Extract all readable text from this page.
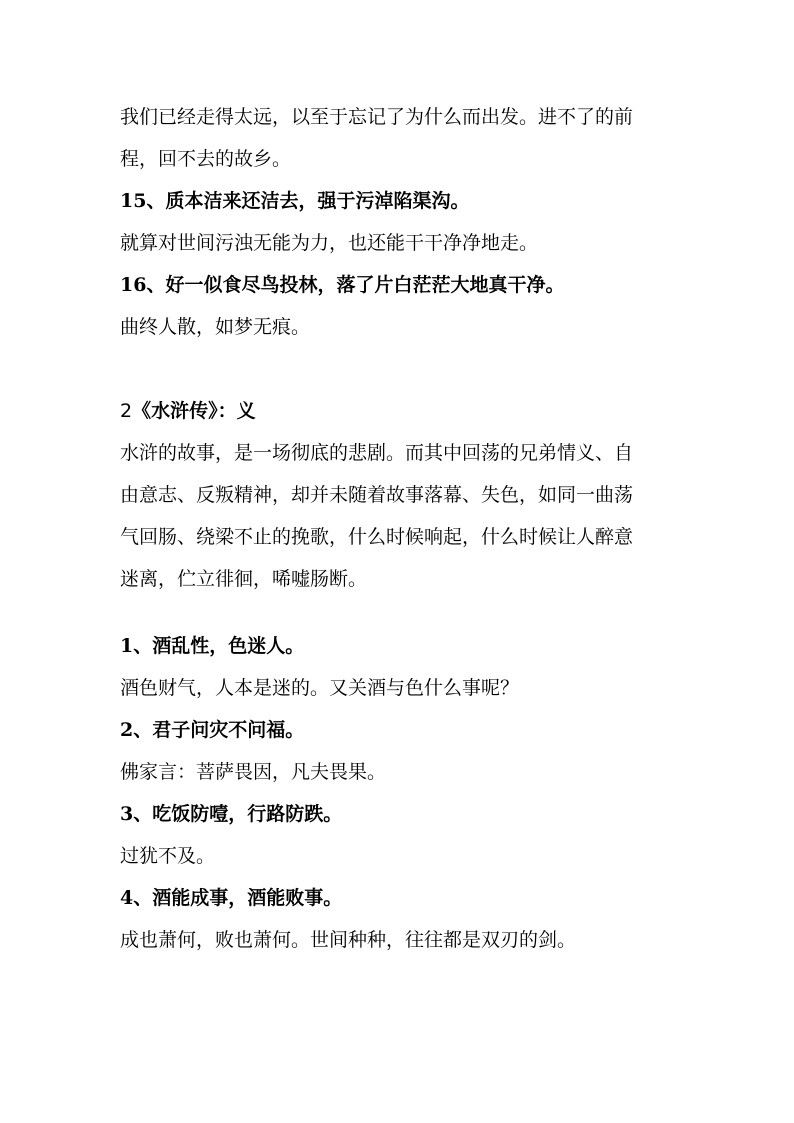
我们已经走得太远，以至于忘记了为什么而出发。进不了的前
程，回不去的故乡。
15、质本洁来还洁去，强于污淖陷渠沟。
就算对世间污浊无能为力，也还能干干净净地走。
16、好一似食尽鸟投林，落了片白茫茫大地真干净。
曲终人散，如梦无痕。
2《水浒传》：义
水浒的故事，是一场彻底的悲剧。而其中回荡的兄弟情义、自
由意志、反叛精神，却并未随着故事落幕、失色，如同一曲荡
气回肠、绕梁不止的挽歌，什么时候响起，什么时候让人醉意
迷离，伫立徘徊，唏嘘肠断。
1、酒乱性，色迷人。
酒色财气，人本是迷的。又关酒与色什么事呢？
2、君子问灾不问福。
佛家言：菩萨畏因，凡夫畏果。
3、吃饭防噎，行路防跌。
过犹不及。
4、酒能成事，酒能败事。
成也萧何，败也萧何。世间种种，往往都是双刃的剑。
